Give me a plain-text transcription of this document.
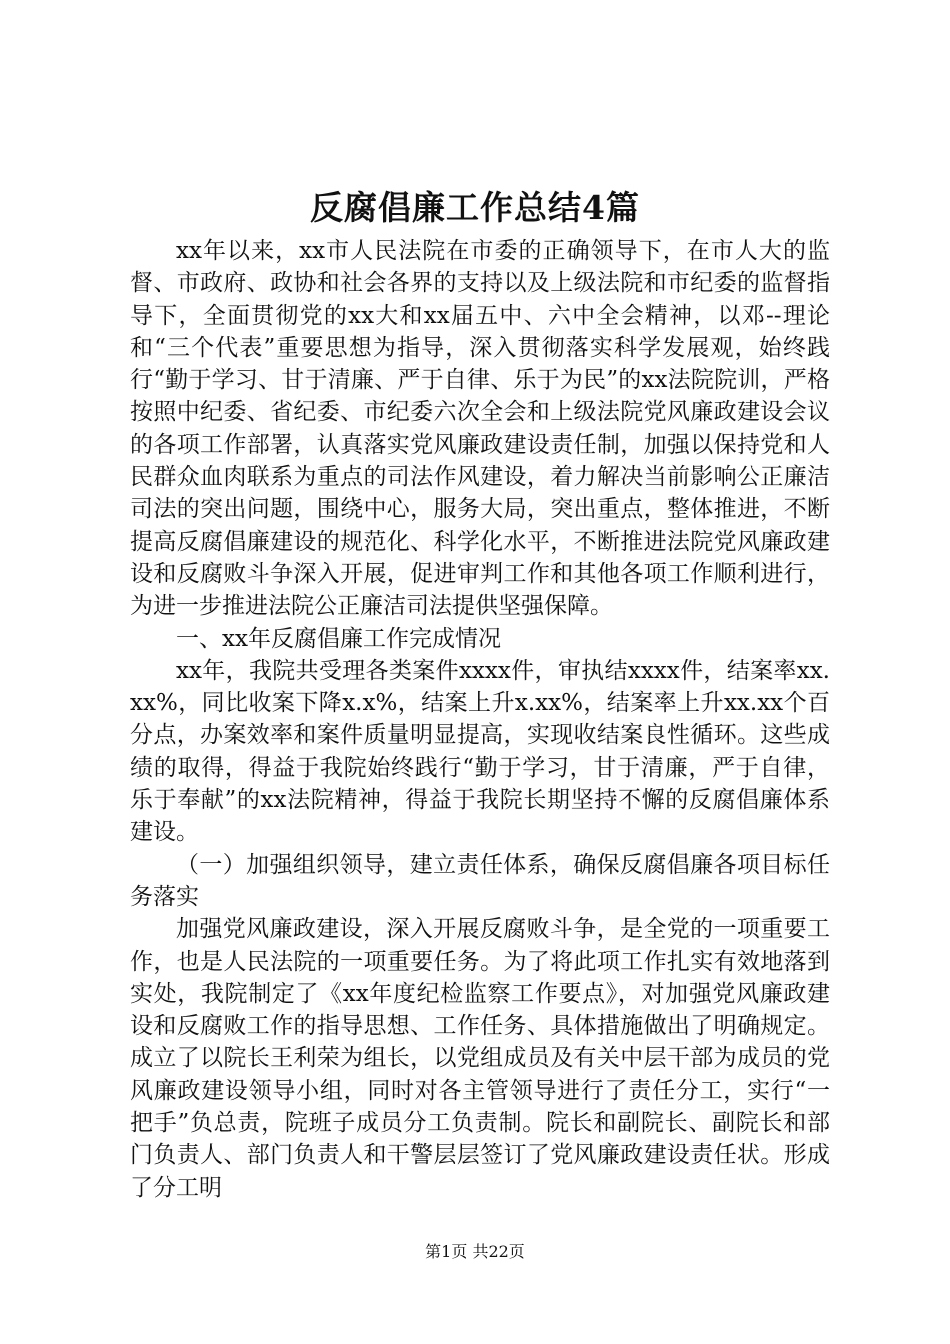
反腐倡廉工作总结4篇

xx年以来，xx市人民法院在市委的正确领导下，在市人大的监督、市政府、政协和社会各界的支持以及上级法院和市纪委的监督指导下，全面贯彻党的xx大和xx届五中、六中全会精神，以邓--理论和“三个代表”重要思想为指导，深入贯彻落实科学发展观，始终践行“勤于学习、甘于清廉、严于自律、乐于为民”的xx法院院训，严格按照中纪委、省纪委、市纪委六次全会和上级法院党风廉政建设会议的各项工作部署，认真落实党风廉政建设责任制，加强以保持党和人民群众血肉联系为重点的司法作风建设，着力解决当前影响公正廉洁司法的突出问题，围绕中心，服务大局，突出重点，整体推进，不断提高反腐倡廉建设的规范化、科学化水平，不断推进法院党风廉政建设和反腐败斗争深入开展，促进审判工作和其他各项工作顺利进行，为进一步推进法院公正廉洁司法提供坚强保障。

一、xx年反腐倡廉工作完成情况

xx年，我院共受理各类案件xxxx件，审执结xxxx件，结案率xx.xx%，同比收案下降x.x%，结案上升x.xx%，结案率上升xx.xx个百分点，办案效率和案件质量明显提高，实现收结案良性循环。这些成绩的取得，得益于我院始终践行“勤于学习，甘于清廉，严于自律，乐于奉献”的xx法院精神，得益于我院长期坚持不懈的反腐倡廉体系建设。

（一）加强组织领导，建立责任体系，确保反腐倡廉各项目标任务落实

加强党风廉政建设，深入开展反腐败斗争，是全党的一项重要工作，也是人民法院的一项重要任务。为了将此项工作扎实有效地落到实处，我院制定了《xx年度纪检监察工作要点》，对加强党风廉政建设和反腐败工作的指导思想、工作任务、具体措施做出了明确规定。成立了以院长王利荣为组长，以党组成员及有关中层干部为成员的党风廉政建设领导小组，同时对各主管领导进行了责任分工，实行“一把手”负总责，院班子成员分工负责制。院长和副院长、副院长和部门负责人、部门负责人和干警层层签订了党风廉政建设责任状。形成了分工明

第1页 共22页
